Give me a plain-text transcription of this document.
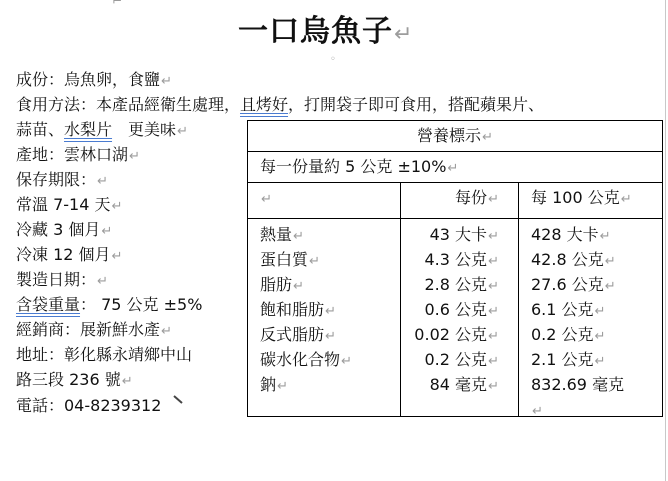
⌐
一口烏魚子↵
◦
成份：烏魚卵，食鹽↵
食用方法：本產品經衛生處理，且烤好，打開袋子即可食用，搭配蘋果片、
蒜苗、水梨片　更美味↵
產地：雲林口湖↵
保存期限：↵
常溫 7-14 天↵
冷藏 3 個月↵
冷凍 12 個月↵
製造日期：↵
含袋重量： 75 公克 ±5%
經銷商：展新鮮水產↵
地址：彰化縣永靖鄉中山
路三段 236 號↵
電話：04-8239312
營養標示↵
每一份量約 5 公克 ±10%↵
↵	每份↵	每 100 公克↵
熱量↵
蛋白質↵
脂肪↵
飽和脂肪↵
反式脂肪↵
碳水化合物↵
鈉↵
43 大卡↵
4.3 公克↵
2.8 公克↵
0.6 公克↵
0.02 公克↵
0.2 公克↵
84 毫克↵
428 大卡↵
42.8 公克↵
27.6 公克↵
6.1 公克↵
0.2 公克↵
2.1 公克↵
832.69 毫克
↵
